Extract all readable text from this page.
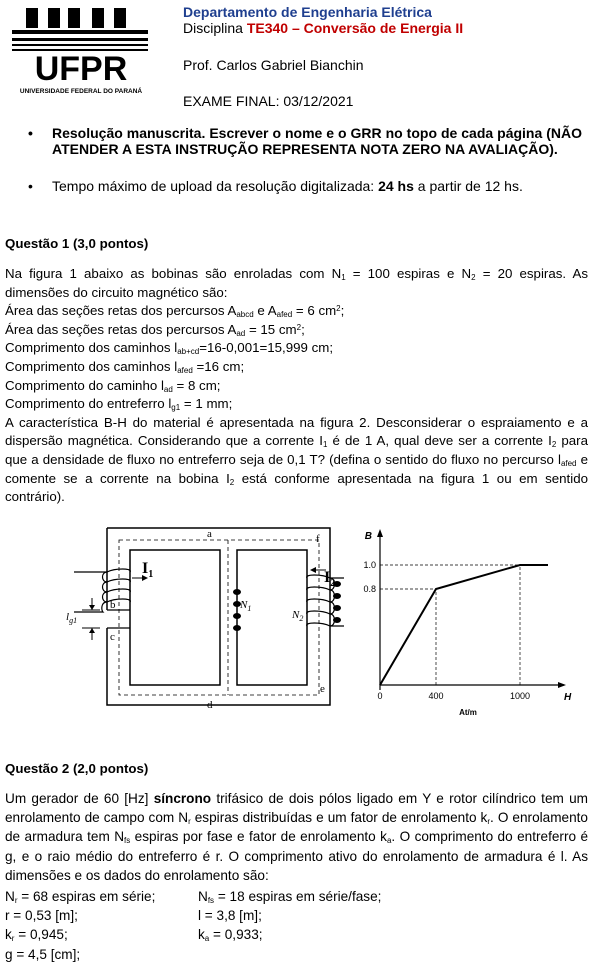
UFPR
UNIVERSIDADE FEDERAL DO PARANÁ
Departamento de Engenharia Elétrica
Disciplina TE340 – Conversão de Energia II
Prof. Carlos Gabriel Bianchin
EXAME FINAL: 03/12/2021
• Resolução manuscrita. Escrever o nome e o GRR no topo de cada página (NÃO ATENDER A ESTA INSTRUÇÃO REPRESENTA NOTA ZERO NA AVALIAÇÃO).
• Tempo máximo de upload da resolução digitalizada: 24 hs a partir de 12 hs.
Questão 1 (3,0 pontos)
Na figura 1 abaixo as bobinas são enroladas com $N_1 = 100$ espiras e $N_2 = 20$ espiras. As dimensões do circuito magnético são:
Área das seções retas dos percursos $A_{abcd}$ e $A_{afed} = 6$ $cm^2$;
Área das seções retas dos percursos $A_{ad} = 15$ $cm^2$;
Comprimento dos caminhos $l_{ab+cd}=16-0,001=15,999$ cm;
Comprimento dos caminhos $l_{afed} =16$ cm;
Comprimento do caminho $l_{ad} = 8$ cm;
Comprimento do entreferro $l_{g1} = 1$ mm;
A característica B-H do material é apresentada na figura 2. Desconsiderar o espraiamento e a dispersão magnética. Considerando que a corrente $I_1$ é de 1 A, qual deve ser a corrente $I_2$ para que a densidade de fluxo no entreferro seja de 0,1 T? (defina o sentido do fluxo no percurso $l_{afed}$ e comente se a corrente na bobina $I_2$ está conforme apresentada na figura 1 ou em sentido contrário).
a
b
c
d
e
f
$I_1$	$I_2$
$N_1$
$N_2$
$l_{g1}$
0.8
1.0
0	400	1000
B
H
At/m
Questão 2 (2,0 pontos)
Um gerador de 60 [Hz] síncrono trifásico de dois pólos ligado em Y e rotor cilíndrico tem um enrolamento de campo com $N_r$ espiras distribuídas e um fator de enrolamento $k_r$. O enrolamento de armadura tem $N_{fs}$ espiras por fase e fator de enrolamento $k_a$. O comprimento do entreferro é g, e o raio médio do entreferro é r. O comprimento ativo do enrolamento de armadura é l. As dimensões e os dados do enrolamento são:
$N_r = 68$ espiras em série;	$N_{fs} = 18$ espiras em série/fase;
r = 0,53 [m];	l = 3,8 [m];
$k_r = 0,945$;	$k_a = 0,933$;
g = 4,5 [cm];
